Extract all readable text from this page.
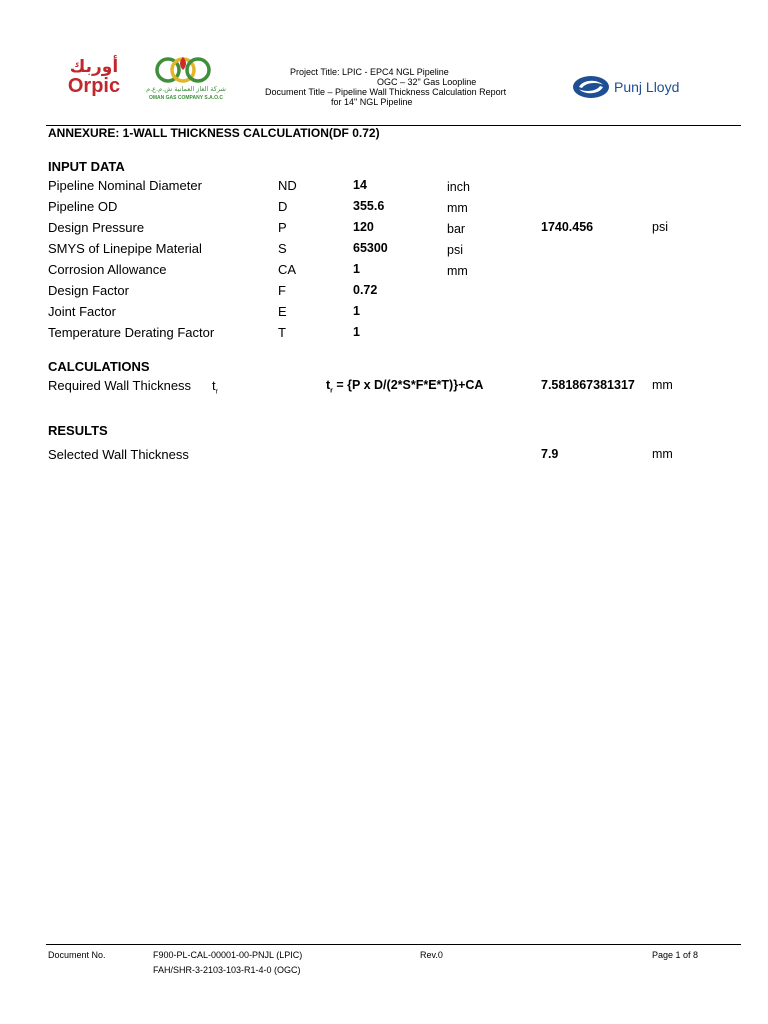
أوربك
Orpic	شركة الغاز العمانية ش.م.ع.م
OMAN GAS COMPANY S.A.O.C
Punj Lloyd
Project Title: LPIC - EPC4 NGL Pipeline
OGC – 32" Gas Loopline
Document Title – Pipeline Wall Thickness Calculation Report
for 14" NGL Pipeline
ANNEXURE: 1-WALL THICKNESS CALCULATION(DF 0.72)
INPUT DATA
Pipeline Nominal Diameter	ND	14	inch
Pipeline OD	D	355.6	mm
Design Pressure	P	120	bar	1740.456	psi
SMYS of Linepipe Material	S	65300	psi
Corrosion Allowance	CA	1	mm
Design Factor	F	0.72
Joint Factor	E	1
Temperature Derating Factor	T	1
CALCULATIONS
Required Wall Thickness $t_r$
$t_r = \{P$ x D/(2*S*F*E*T)}+CA	7.581867381317 mm
RESULTS
Selected Wall Thickness	7.9	mm
Document No.	F900-PL-CAL-00001-00-PNJL (LPIC)
FAH/SHR-3-2103-103-R1-4-0 (OGC)
Rev.0	Page 1 of 8
